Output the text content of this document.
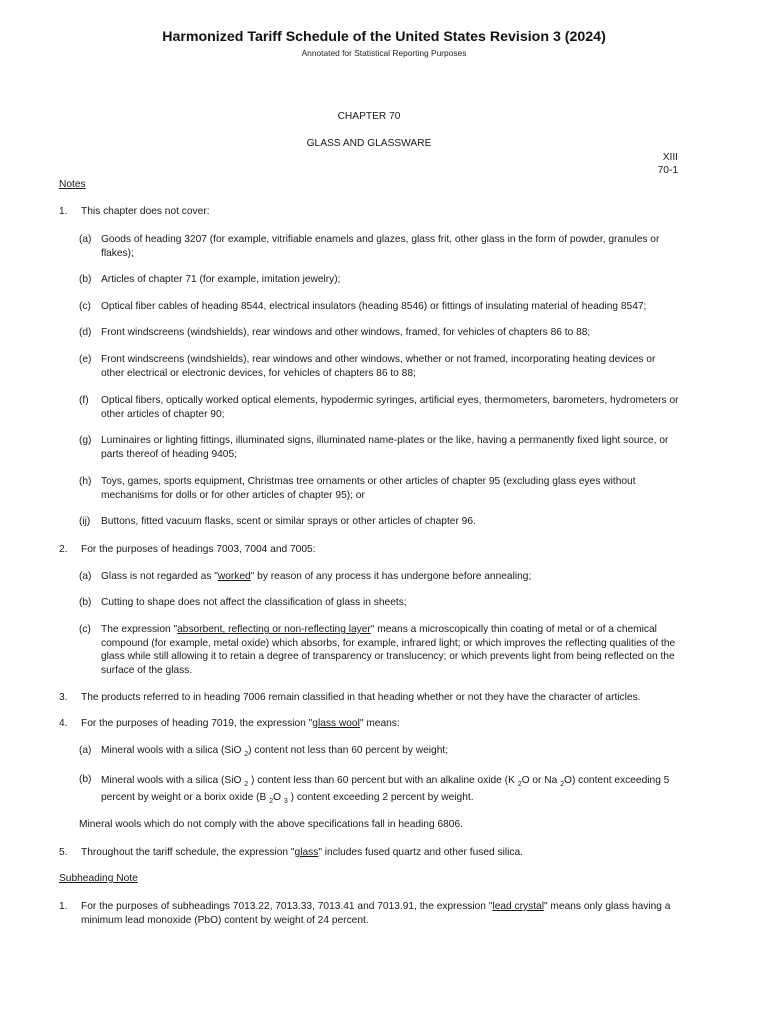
Harmonized Tariff Schedule of the United States Revision 3 (2024)
Annotated for Statistical Reporting Purposes
CHAPTER 70
GLASS AND GLASSWARE
XIII
70-1
Notes
1. This chapter does not cover:
(a) Goods of heading 3207 (for example, vitrifiable enamels and glazes, glass frit, other glass in the form of powder, granules or flakes);
(b) Articles of chapter 71 (for example, imitation jewelry);
(c) Optical fiber cables of heading 8544, electrical insulators (heading 8546) or fittings of insulating material of heading 8547;
(d) Front windscreens (windshields), rear windows and other windows, framed, for vehicles of chapters 86 to 88;
(e) Front windscreens (windshields), rear windows and other windows, whether or not framed, incorporating heating devices or other electrical or electronic devices, for vehicles of chapters 86 to 88;
(f) Optical fibers, optically worked optical elements, hypodermic syringes, artificial eyes, thermometers, barometers, hydrometers or other articles of chapter 90;
(g) Luminaires or lighting fittings, illuminated signs, illuminated name-plates or the like, having a permanently fixed light source, or parts thereof of heading 9405;
(h) Toys, games, sports equipment, Christmas tree ornaments or other articles of chapter 95 (excluding glass eyes without mechanisms for dolls or for other articles of chapter 95); or
(ij) Buttons, fitted vacuum flasks, scent or similar sprays or other articles of chapter 96.
2. For the purposes of headings 7003, 7004 and 7005:
(a) Glass is not regarded as "worked" by reason of any process it has undergone before annealing;
(b) Cutting to shape does not affect the classification of glass in sheets;
(c) The expression "absorbent, reflecting or non-reflecting layer" means a microscopically thin coating of metal or of a chemical compound (for example, metal oxide) which absorbs, for example, infrared light; or which improves the reflecting qualities of the glass while still allowing it to retain a degree of transparency or translucency; or which prevents light from being reflected on the surface of the glass.
3. The products referred to in heading 7006 remain classified in that heading whether or not they have the character of articles.
4. For the purposes of heading 7019, the expression "glass wool" means:
(a) Mineral wools with a silica (SiO $_2$) content not less than 60 percent by weight;
(b) Mineral wools with a silica (SiO $_2$ ) content less than 60 percent but with an alkaline oxide (K $_2$O or Na $_2$O) content exceeding 5 percent by weight or a borix oxide (B $_2$O $_3$ ) content exceeding 2 percent by weight.
Mineral wools which do not comply with the above specifications fall in heading 6806.
5. Throughout the tariff schedule, the expression "glass" includes fused quartz and other fused silica.
Subheading Note
1. For the purposes of subheadings 7013.22, 7013.33, 7013.41 and 7013.91, the expression "lead crystal" means only glass having a minimum lead monoxide (PbO) content by weight of 24 percent.
